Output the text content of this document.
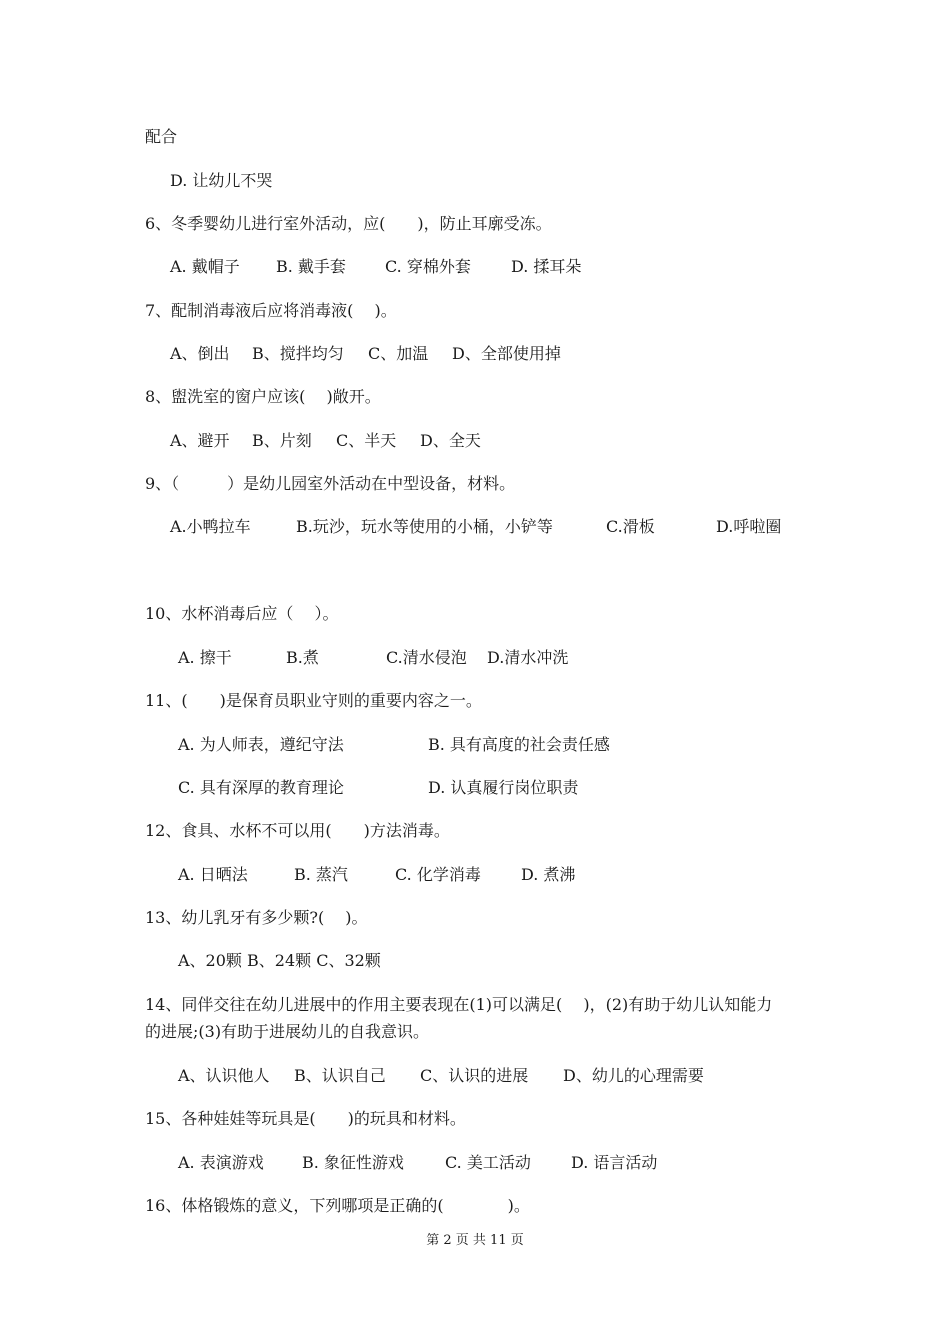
配合
D. 让幼儿不哭
6、冬季婴幼儿进行室外活动，应(　　)，防止耳廓受冻。
A. 戴帽子 B. 戴手套 C. 穿棉外套	D. 揉耳朵
7、配制消毒液后应将消毒液(　 )。
A、倒出 B、搅拌均匀 C、加温 D、全部使用掉
8、盥洗室的窗户应该(　 )敞开。
A、避开 B、片刻 C、半天 D、全天
9、（　　　）是幼儿园室外活动在中型设备，材料。
A.小鸭拉车	B.玩沙，玩水等使用的小桶，小铲等	C.滑板	D.呼啦圈
10、水杯消毒后应（　 ）。
A. 擦干	B.煮	C.清水侵泡 D.清水冲洗
11、(　　)是保育员职业守则的重要内容之一。
A. 为人师表，遵纪守法	B. 具有高度的社会责任感
C. 具有深厚的教育理论	D. 认真履行岗位职责
12、食具、水杯不可以用(　　)方法消毒。
A. 日晒法	B. 蒸汽	C. 化学消毒	D. 煮沸
13、幼儿乳牙有多少颗?(　 )。
A、20颗 B、24颗 C、32颗
14、同伴交往在幼儿进展中的作用主要表现在(1)可以满足(　 )，(2)有助于幼儿认知能力
的进展;(3)有助于进展幼儿的自我意识。
A、认识他人 B、认识自己 C、认识的进展 D、幼儿的心理需要
15、各种娃娃等玩具是(　　)的玩具和材料。
A. 表演游戏 B. 象征性游戏	C. 美工活动	D. 语言活动
16、体格锻炼的意义，下列哪项是正确的(　　　　)。
第 2 页 共 11 页
